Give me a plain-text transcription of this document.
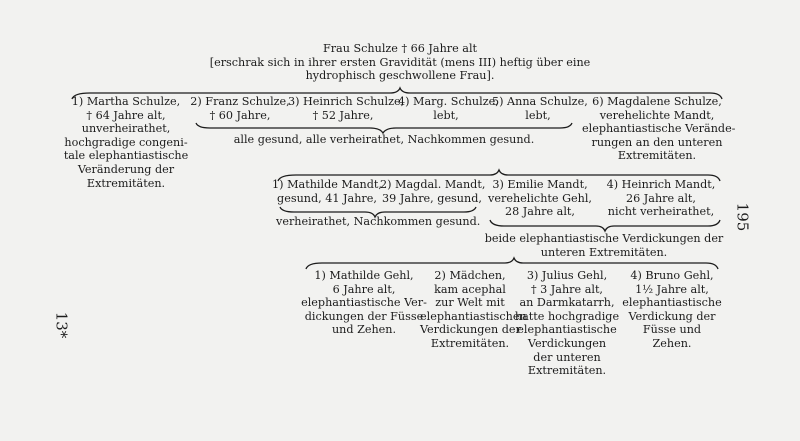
Frau Schulze † 66 Jahre alt
[erschrak sich in ihrer ersten Gravidität (mens III) heftig über eine
hydrophisch geschwollene Frau].
1) Martha Schulze,
† 64 Jahre alt,
unverheirathet,
hochgradige congeni-
tale elephantiastische
Veränderung der
Extremitäten.
2) Franz Schulze,
† 60 Jahre,
3) Heinrich Schulze,
† 52 Jahre,
4) Marg. Schulze,
lebt,
5) Anna Schulze,
lebt,
6) Magdalene Schulze,
verehelichte Mandt,
elephantiastische Verände-
rungen an den unteren
Extremitäten.
alle gesund, alle verheirathet, Nachkommen gesund.
1) Mathilde Mandt,
gesund, 41 Jahre,
2) Magdal. Mandt,
39 Jahre, gesund,
3) Emilie Mandt,
verehelichte Gehl,
28 Jahre alt,
4) Heinrich Mandt,
26 Jahre alt,
nicht verheirathet,
verheirathet, Nachkommen gesund.
beide elephantiastische Verdickungen der
unteren Extremitäten.
1) Mathilde Gehl,
6 Jahre alt,
elephantiastische Ver-
dickungen der Füsse
und Zehen.
2) Mädchen,
kam acephal
zur Welt mit
elephantiastischen
Verdickungen der
Extremitäten.
3) Julius Gehl,
† 3 Jahre alt,
an Darmkatarrh,
hatte hochgradige
elephantiastische
Verdickungen
der unteren
Extremitäten.
4) Bruno Gehl,
1½ Jahre alt,
elephantiastische
Verdickung der
Füsse und
Zehen.
195
13*
